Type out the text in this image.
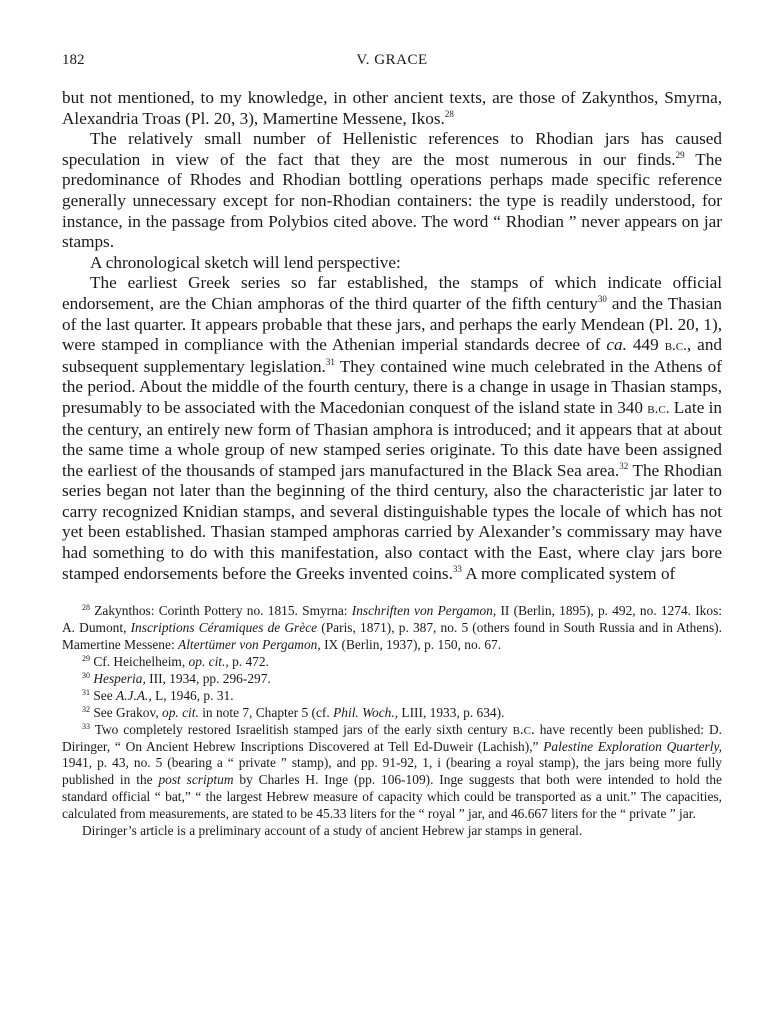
182	V. GRACE

but not mentioned, to my knowledge, in other ancient texts, are those of Zakynthos, Smyrna, Alexandria Troas (Pl. 20, 3), Mamertine Messene, Ikos.$^{28}$

The relatively small number of Hellenistic references to Rhodian jars has caused speculation in view of the fact that they are the most numerous in our finds.$^{29}$ The predominance of Rhodes and Rhodian bottling operations perhaps made specific reference generally unnecessary except for non-Rhodian containers: the type is readily understood, for instance, in the passage from Polybios cited above. The word “ Rhodian ” never appears on jar stamps.

A chronological sketch will lend perspective:

The earliest Greek series so far established, the stamps of which indicate official endorsement, are the Chian amphoras of the third quarter of the fifth century$^{30}$ and the Thasian of the last quarter. It appears probable that these jars, and perhaps the early Mendean (Pl. 20, 1), were stamped in compliance with the Athenian imperial standards decree of ca. 449 b.c., and subsequent supplementary legislation.$^{31}$ They contained wine much celebrated in the Athens of the period. About the middle of the fourth century, there is a change in usage in Thasian stamps, presumably to be associated with the Macedonian conquest of the island state in 340 b.c. Late in the century, an entirely new form of Thasian amphora is introduced; and it appears that at about the same time a whole group of new stamped series originate. To this date have been assigned the earliest of the thousands of stamped jars manufactured in the Black Sea area.$^{32}$ The Rhodian series began not later than the beginning of the third century, also the characteristic jar later to carry recognized Knidian stamps, and several distinguishable types the locale of which has not yet been established. Thasian stamped amphoras carried by Alexander’s commissary may have had something to do with this manifestation, also contact with the East, where clay jars bore stamped endorsements before the Greeks invented coins.$^{33}$ A more complicated system of

$^{28}$ Zakynthos: Corinth Pottery no. 1815. Smyrna: Inschriften von Pergamon, II (Berlin, 1895), p. 492, no. 1274. Ikos: A. Dumont, Inscriptions Céramiques de Grèce (Paris, 1871), p. 387, no. 5 (others found in South Russia and in Athens). Mamertine Messene: Altertümer von Pergamon, IX (Berlin, 1937), p. 150, no. 67.

$^{29}$ Cf. Heichelheim, op. cit., p. 472.

$^{30}$ Hesperia, III, 1934, pp. 296-297.

$^{31}$ See A.J.A., L, 1946, p. 31.

$^{32}$ See Grakov, op. cit. in note 7, Chapter 5 (cf. Phil. Woch., LIII, 1933, p. 634).

$^{33}$ Two completely restored Israelitish stamped jars of the early sixth century b.c. have recently been published: D. Diringer, “ On Ancient Hebrew Inscriptions Discovered at Tell Ed-Duweir (Lachish),” Palestine Exploration Quarterly, 1941, p. 43, no. 5 (bearing a “ private ” stamp), and pp. 91-92, 1, i (bearing a royal stamp), the jars being more fully published in the post scriptum by Charles H. Inge (pp. 106-109). Inge suggests that both were intended to hold the standard official “ bat,” “ the largest Hebrew measure of capacity which could be transported as a unit.” The capacities, calculated from measurements, are stated to be 45.33 liters for the “ royal ” jar, and 46.667 liters for the “ private ” jar.

Diringer’s article is a preliminary account of a study of ancient Hebrew jar stamps in general.
